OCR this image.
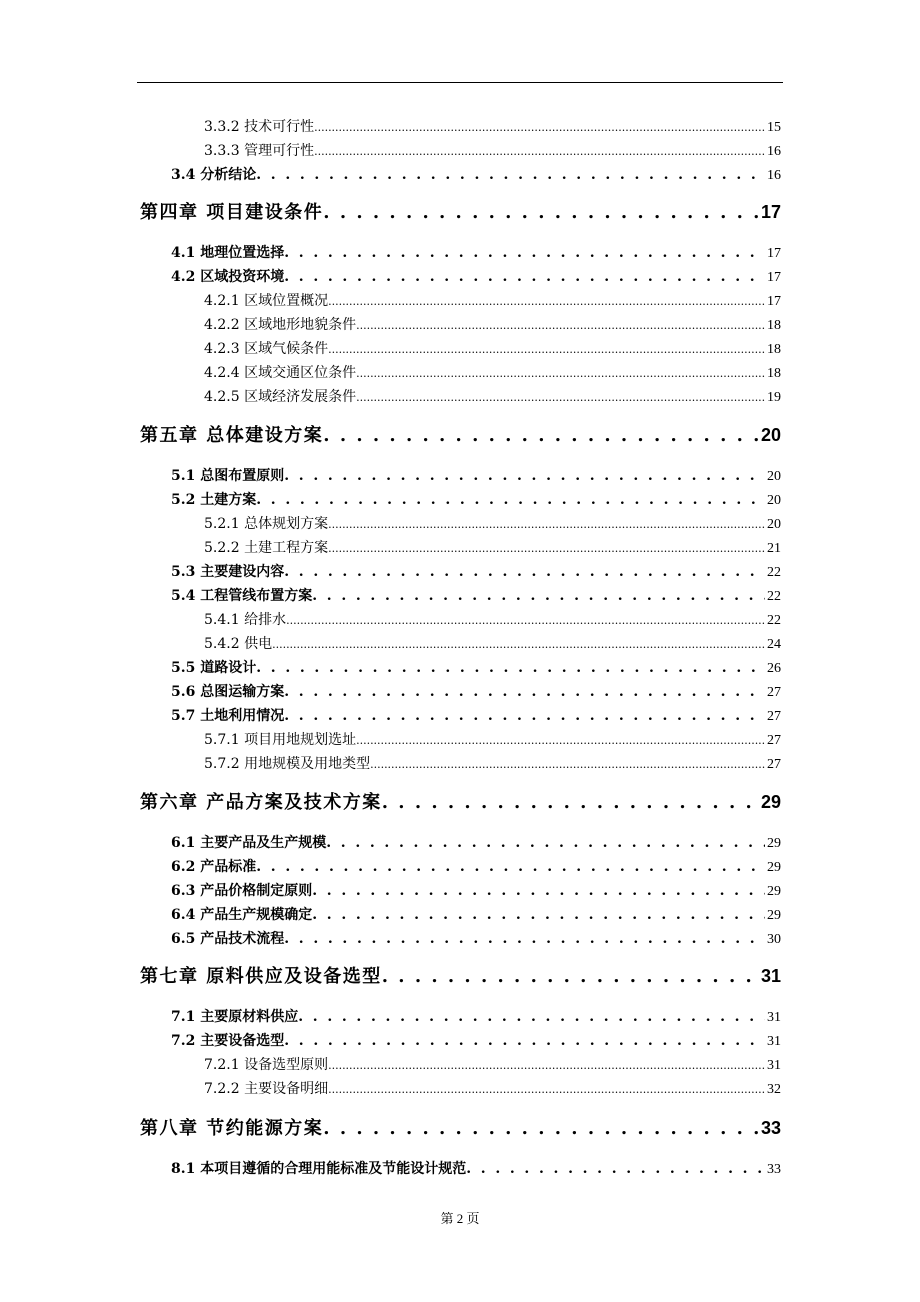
3.3.2 技术可行性 .....	15
3.3.3 管理可行性 .....	16
3.4 分析结论 . . .	16
第四章 项目建设条件 . . .	17
4.1 地理位置选择 . . .	17
4.2 区域投资环境 . . .	17
4.2.1 区域位置概况 .....	17
4.2.2 区域地形地貌条件 .....	18
4.2.3 区域气候条件 .....	18
4.2.4 区域交通区位条件 .....	18
4.2.5 区域经济发展条件 .....	19
第五章 总体建设方案 . . .	20
5.1 总图布置原则 . . .	20
5.2 土建方案 . . .	20
5.2.1 总体规划方案 .....	20
5.2.2 土建工程方案 .....	21
5.3 主要建设内容 . . .	22
5.4 工程管线布置方案 . . .	22
5.4.1 给排水 .....	22
5.4.2 供电 .....	24
5.5 道路设计 . . .	26
5.6 总图运输方案 . . .	27
5.7 土地利用情况 . . .	27
5.7.1 项目用地规划选址 .....	27
5.7.2 用地规模及用地类型 .....	27
第六章 产品方案及技术方案 . . .	29
6.1 主要产品及生产规模 . . .	29
6.2 产品标准 . . .	29
6.3 产品价格制定原则 . . .	29
6.4 产品生产规模确定 . . .	29
6.5 产品技术流程 . . .	30
第七章 原料供应及设备选型 . . .	31
7.1 主要原材料供应 . . .	31
7.2 主要设备选型 . . .	31
7.2.1 设备选型原则 .....	31
7.2.2 主要设备明细 .....	32
第八章 节约能源方案 . . .	33
8.1 本项目遵循的合理用能标准及节能设计规范 . . .	33
第 2 页
